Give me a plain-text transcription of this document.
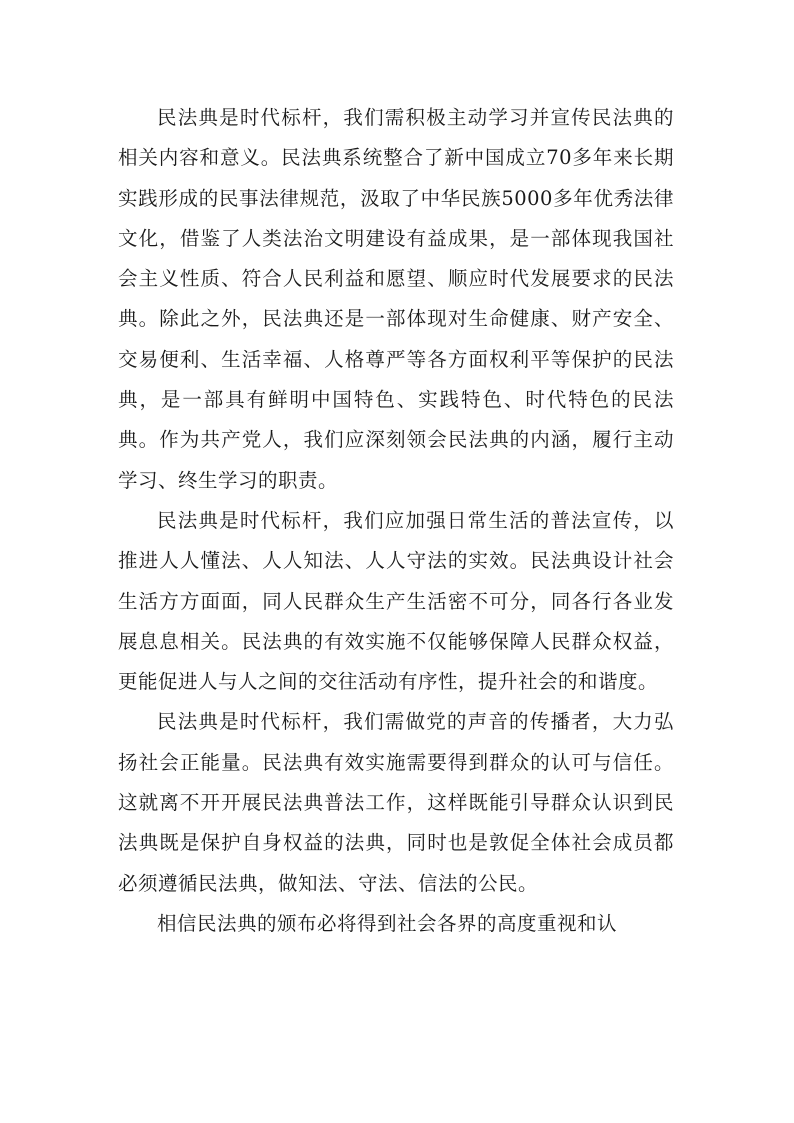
民法典是时代标杆，我们需积极主动学习并宣传民法典的相关内容和意义。民法典系统整合了新中国成立70多年来长期实践形成的民事法律规范，汲取了中华民族5000多年优秀法律文化，借鉴了人类法治文明建设有益成果，是一部体现我国社会主义性质、符合人民利益和愿望、顺应时代发展要求的民法典。除此之外，民法典还是一部体现对生命健康、财产安全、交易便利、生活幸福、人格尊严等各方面权利平等保护的民法典，是一部具有鲜明中国特色、实践特色、时代特色的民法典。作为共产党人，我们应深刻领会民法典的内涵，履行主动学习、终生学习的职责。

民法典是时代标杆，我们应加强日常生活的普法宣传，以推进人人懂法、人人知法、人人守法的实效。民法典设计社会生活方方面面，同人民群众生产生活密不可分，同各行各业发展息息相关。民法典的有效实施不仅能够保障人民群众权益，更能促进人与人之间的交往活动有序性，提升社会的和谐度。

民法典是时代标杆，我们需做党的声音的传播者，大力弘扬社会正能量。民法典有效实施需要得到群众的认可与信任。这就离不开开展民法典普法工作，这样既能引导群众认识到民法典既是保护自身权益的法典，同时也是敦促全体社会成员都必须遵循民法典，做知法、守法、信法的公民。

相信民法典的颁布必将得到社会各界的高度重视和认
